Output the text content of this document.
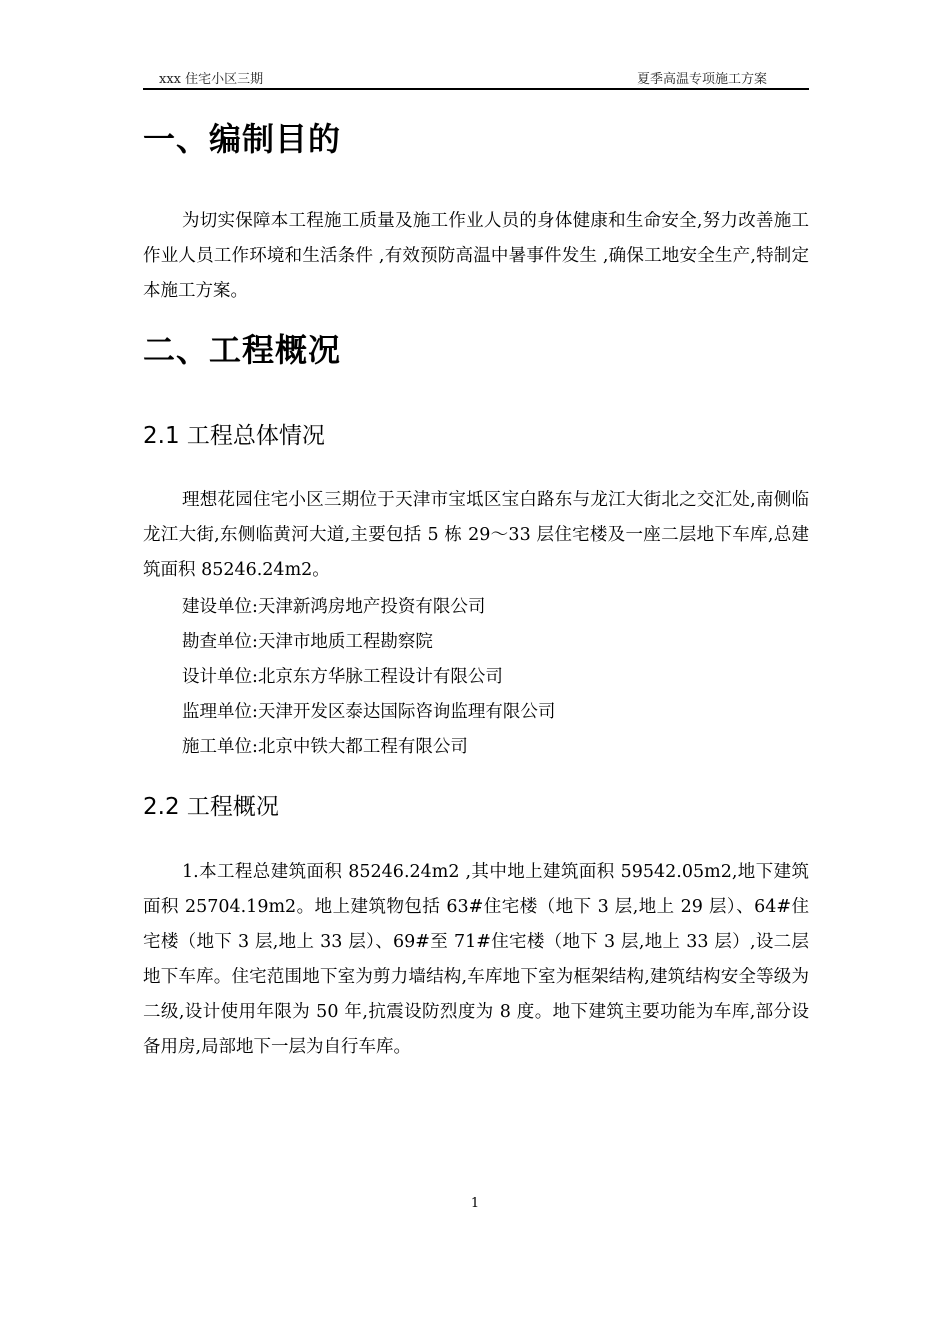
xxx 住宅小区三期	夏季高温专项施工方案
一、编制目的

为切实保障本工程施工质量及施工作业人员的身体健康和生命安全,努力改善施工作业人员工作环境和生活条件 ,有效预防高温中暑事件发生 ,确保工地安全生产,特制定本施工方案。

二、工程概况
2.1 工程总体情况

理想花园住宅小区三期位于天津市宝坻区宝白路东与龙江大街北之交汇处,南侧临龙江大街,东侧临黄河大道,主要包括 5 栋 29～33 层住宅楼及一座二层地下车库,总建筑面积 85246.24m2。

建设单位:天津新鸿房地产投资有限公司

勘查单位:天津市地质工程勘察院

设计单位:北京东方华脉工程设计有限公司

监理单位:天津开发区泰达国际咨询监理有限公司

施工单位:北京中铁大都工程有限公司

2.2 工程概况

1.本工程总建筑面积 85246.24m2 ,其中地上建筑面积 59542.05m2,地下建筑面积 25704.19m2。地上建筑物包括 63#住宅楼（地下 3 层,地上 29 层）、64#住宅楼（地下 3 层,地上 33 层）、69#至 71#住宅楼（地下 3 层,地上 33 层）,设二层地下车库。住宅范围地下室为剪力墙结构,车库地下室为框架结构,建筑结构安全等级为二级,设计使用年限为 50 年,抗震设防烈度为 8 度。地下建筑主要功能为车库,部分设备用房,局部地下一层为自行车库。

1
